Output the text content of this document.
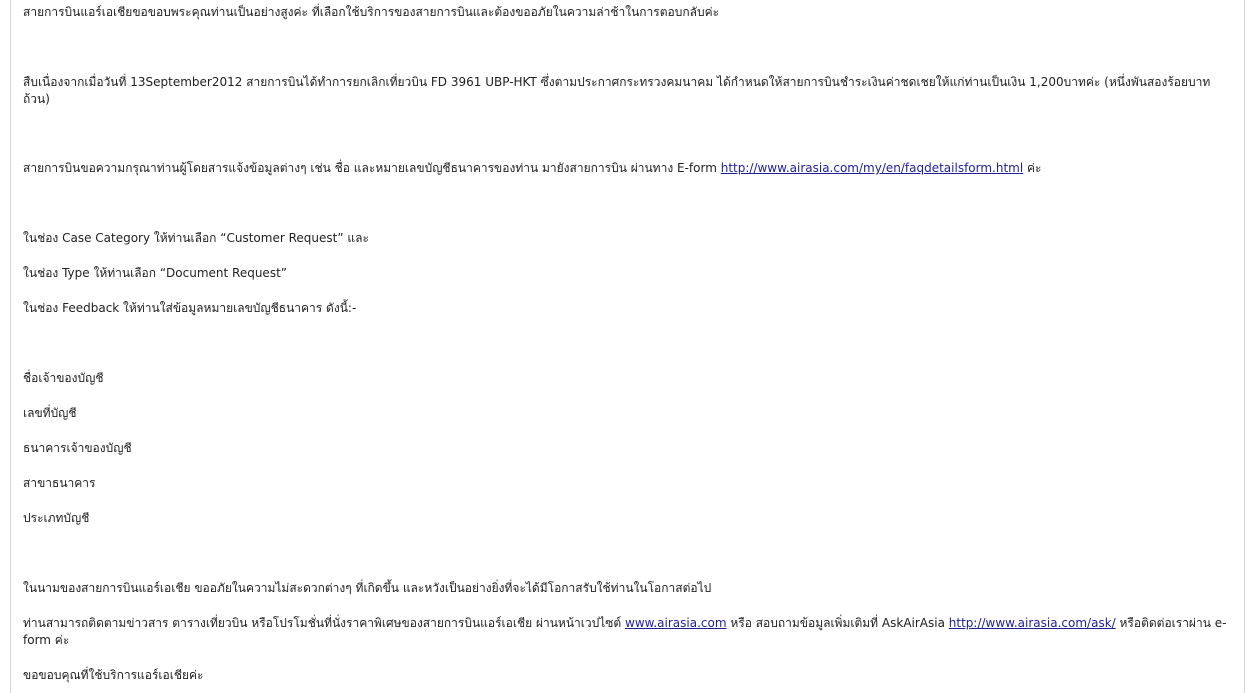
สายการบินแอร์เอเชียขอขอบพระคุณท่านเป็นอย่างสูงค่ะ ที่เลือกใช้บริการของสายการบินและต้องขออภัยในความล่าช้าในการตอบกลับค่ะ
สืบเนื่องจากเมื่อวันที่ 13September2012 สายการบินได้ทำการยกเลิกเที่ยวบิน FD 3961 UBP-HKT ซึ่งตามประกาศกระทรวงคมนาคม ได้กำหนดให้สายการบินชำระเงินค่าชดเชยให้แก่ท่านเป็นเงิน 1,200บาทค่ะ (หนึ่งพันสองร้อยบาทถ้วน)
สายการบินขอความกรุณาท่านผู้โดยสารแจ้งข้อมูลต่างๆ เช่น ชื่อ และหมายเลขบัญชีธนาคารของท่าน มายังสายการบิน ผ่านทาง E-form http://www.airasia.com/my/en/faqdetailsform.html ค่ะ
ในช่อง Case Category ให้ท่านเลือก “Customer Request” และ
ในช่อง Type ให้ท่านเลือก “Document Request”
ในช่อง Feedback ให้ท่านใส่ข้อมูลหมายเลขบัญชีธนาคาร ดังนี้:-
ชื่อเจ้าของบัญชี
เลขที่บัญชี
ธนาคารเจ้าของบัญชี
สาขาธนาคาร
ประเภทบัญชี
ในนามของสายการบินแอร์เอเชีย ขออภัยในความไม่สะดวกต่างๆ ที่เกิดขึ้น และหวังเป็นอย่างยิ่งที่จะได้มีโอกาสรับใช้ท่านในโอกาสต่อไป
ท่านสามารถติดตามข่าวสาร ตารางเที่ยวบิน หรือโปรโมชั่นที่นั่งราคาพิเศษของสายการบินแอร์เอเชีย ผ่านหน้าเวปไซต์ www.airasia.com หรือ สอบถามข้อมูลเพิ่มเติมที่ AskAirAsia http://www.airasia.com/ask/ หรือติดต่อเราผ่าน e-form ค่ะ
ขอขอบคุณที่ใช้บริการแอร์เอเชียค่ะ
